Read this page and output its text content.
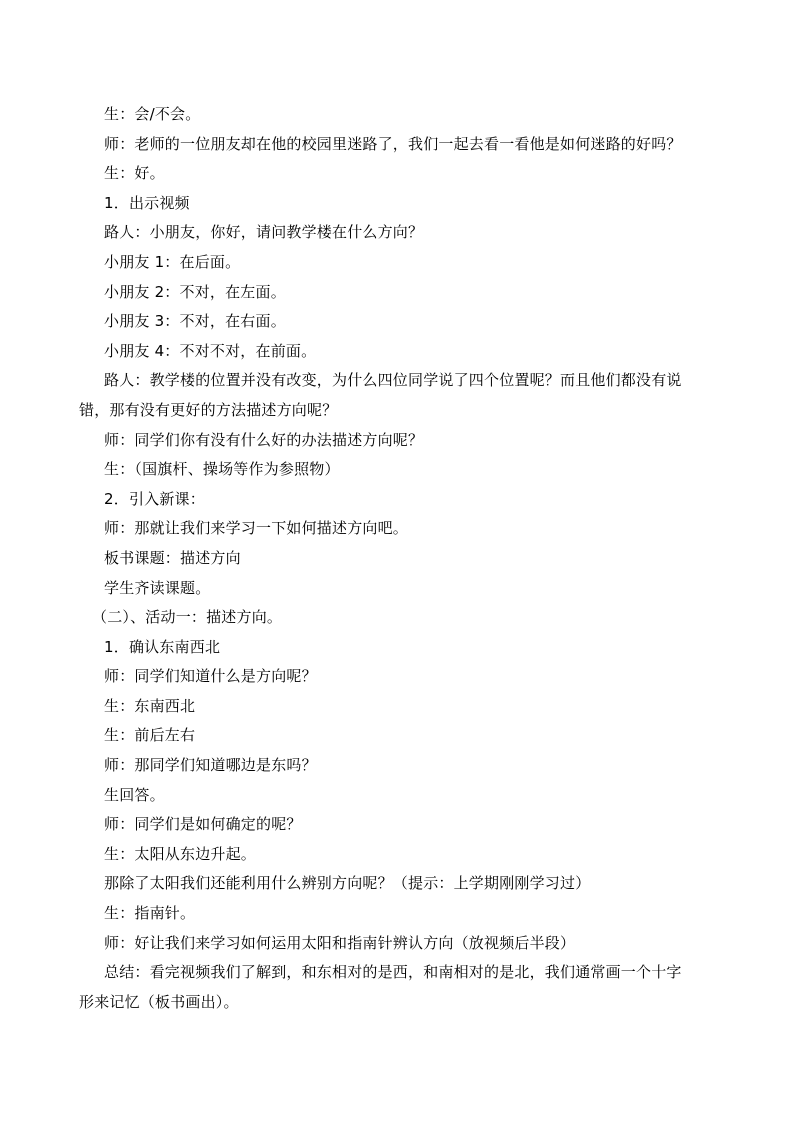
生：会/不会。
师：老师的一位朋友却在他的校园里迷路了，我们一起去看一看他是如何迷路的好吗？
生：好。
1．出示视频
路人：小朋友，你好，请问教学楼在什么方向？
小朋友 1：在后面。
小朋友 2：不对，在左面。
小朋友 3：不对，在右面。
小朋友 4：不对不对，在前面。
路人：教学楼的位置并没有改变，为什么四位同学说了四个位置呢？而且他们都没有说
错，那有没有更好的方法描述方向呢？
师：同学们你有没有什么好的办法描述方向呢？
生：（国旗杆、操场等作为参照物）
2．引入新课：
师：那就让我们来学习一下如何描述方向吧。
板书课题：描述方向
学生齐读课题。
（二）、活动一：描述方向。
1．确认东南西北
师：同学们知道什么是方向呢？
生：东南西北
生：前后左右
师：那同学们知道哪边是东吗？
生回答。
师：同学们是如何确定的呢？
生：太阳从东边升起。
那除了太阳我们还能利用什么辨别方向呢？（提示：上学期刚刚学习过）
生：指南针。
师：好让我们来学习如何运用太阳和指南针辨认方向（放视频后半段）
总结：看完视频我们了解到，和东相对的是西，和南相对的是北，我们通常画一个十字
形来记忆（板书画出）。
